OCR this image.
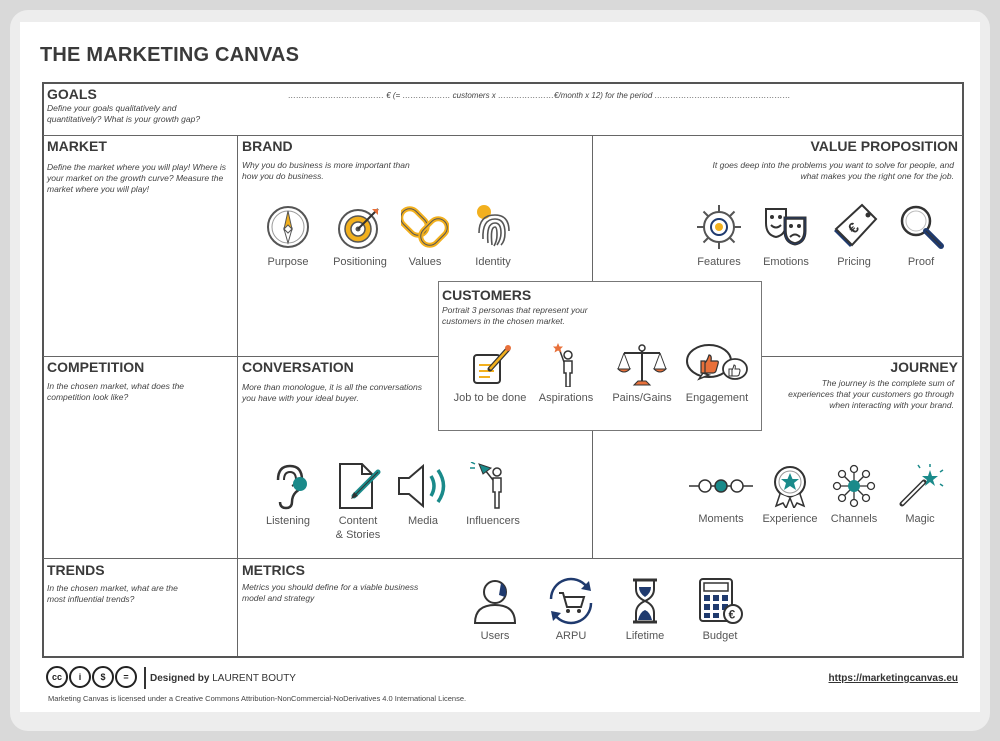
THE MARKETING CANVAS
GOALS
Define your goals qualitatively and quantitatively? What is your growth gap?
……………………………… € (= ……………… customers x …………………€/month x 12) for the period ……………………………………………
MARKET
Define the market where you will play! Where is your market on the growth curve? Measure the market where you will play!
BRAND
Why you do business is more important than how you do business.
Purpose	Positioning	Values	Identity
VALUE PROPOSITION
It goes deep into the problems you want to solve for people, and what makes you the right one for the job.
Features	Emotions
€
Pricing	Proof
COMPETITION
In the chosen market, what does the competition look like?
CONVERSATION
More than monologue, it is all the conversations you have with your ideal buyer.
Listening	Content
& Stories
Media	Influencers
JOURNEY
The journey is the complete sum of experiences that your customers go through when interacting with your brand.
Moments	Experience	Channels	Magic
TRENDS
In the chosen market, what are the most influential trends?
METRICS
Metrics you should define for a viable business model and strategy
Users	ARPU	Lifetime
€
Budget
CUSTOMERS
Portrait 3 personas that represent your customers in the chosen market.
Job to be done	Aspirations	Pains/Gains	Engagement
cc i $ =	Designed by LAURENT BOUTY
Marketing Canvas is licensed under a Creative Commons Attribution-NonCommercial-NoDerivatives 4.0 International License.
https://marketingcanvas.eu
